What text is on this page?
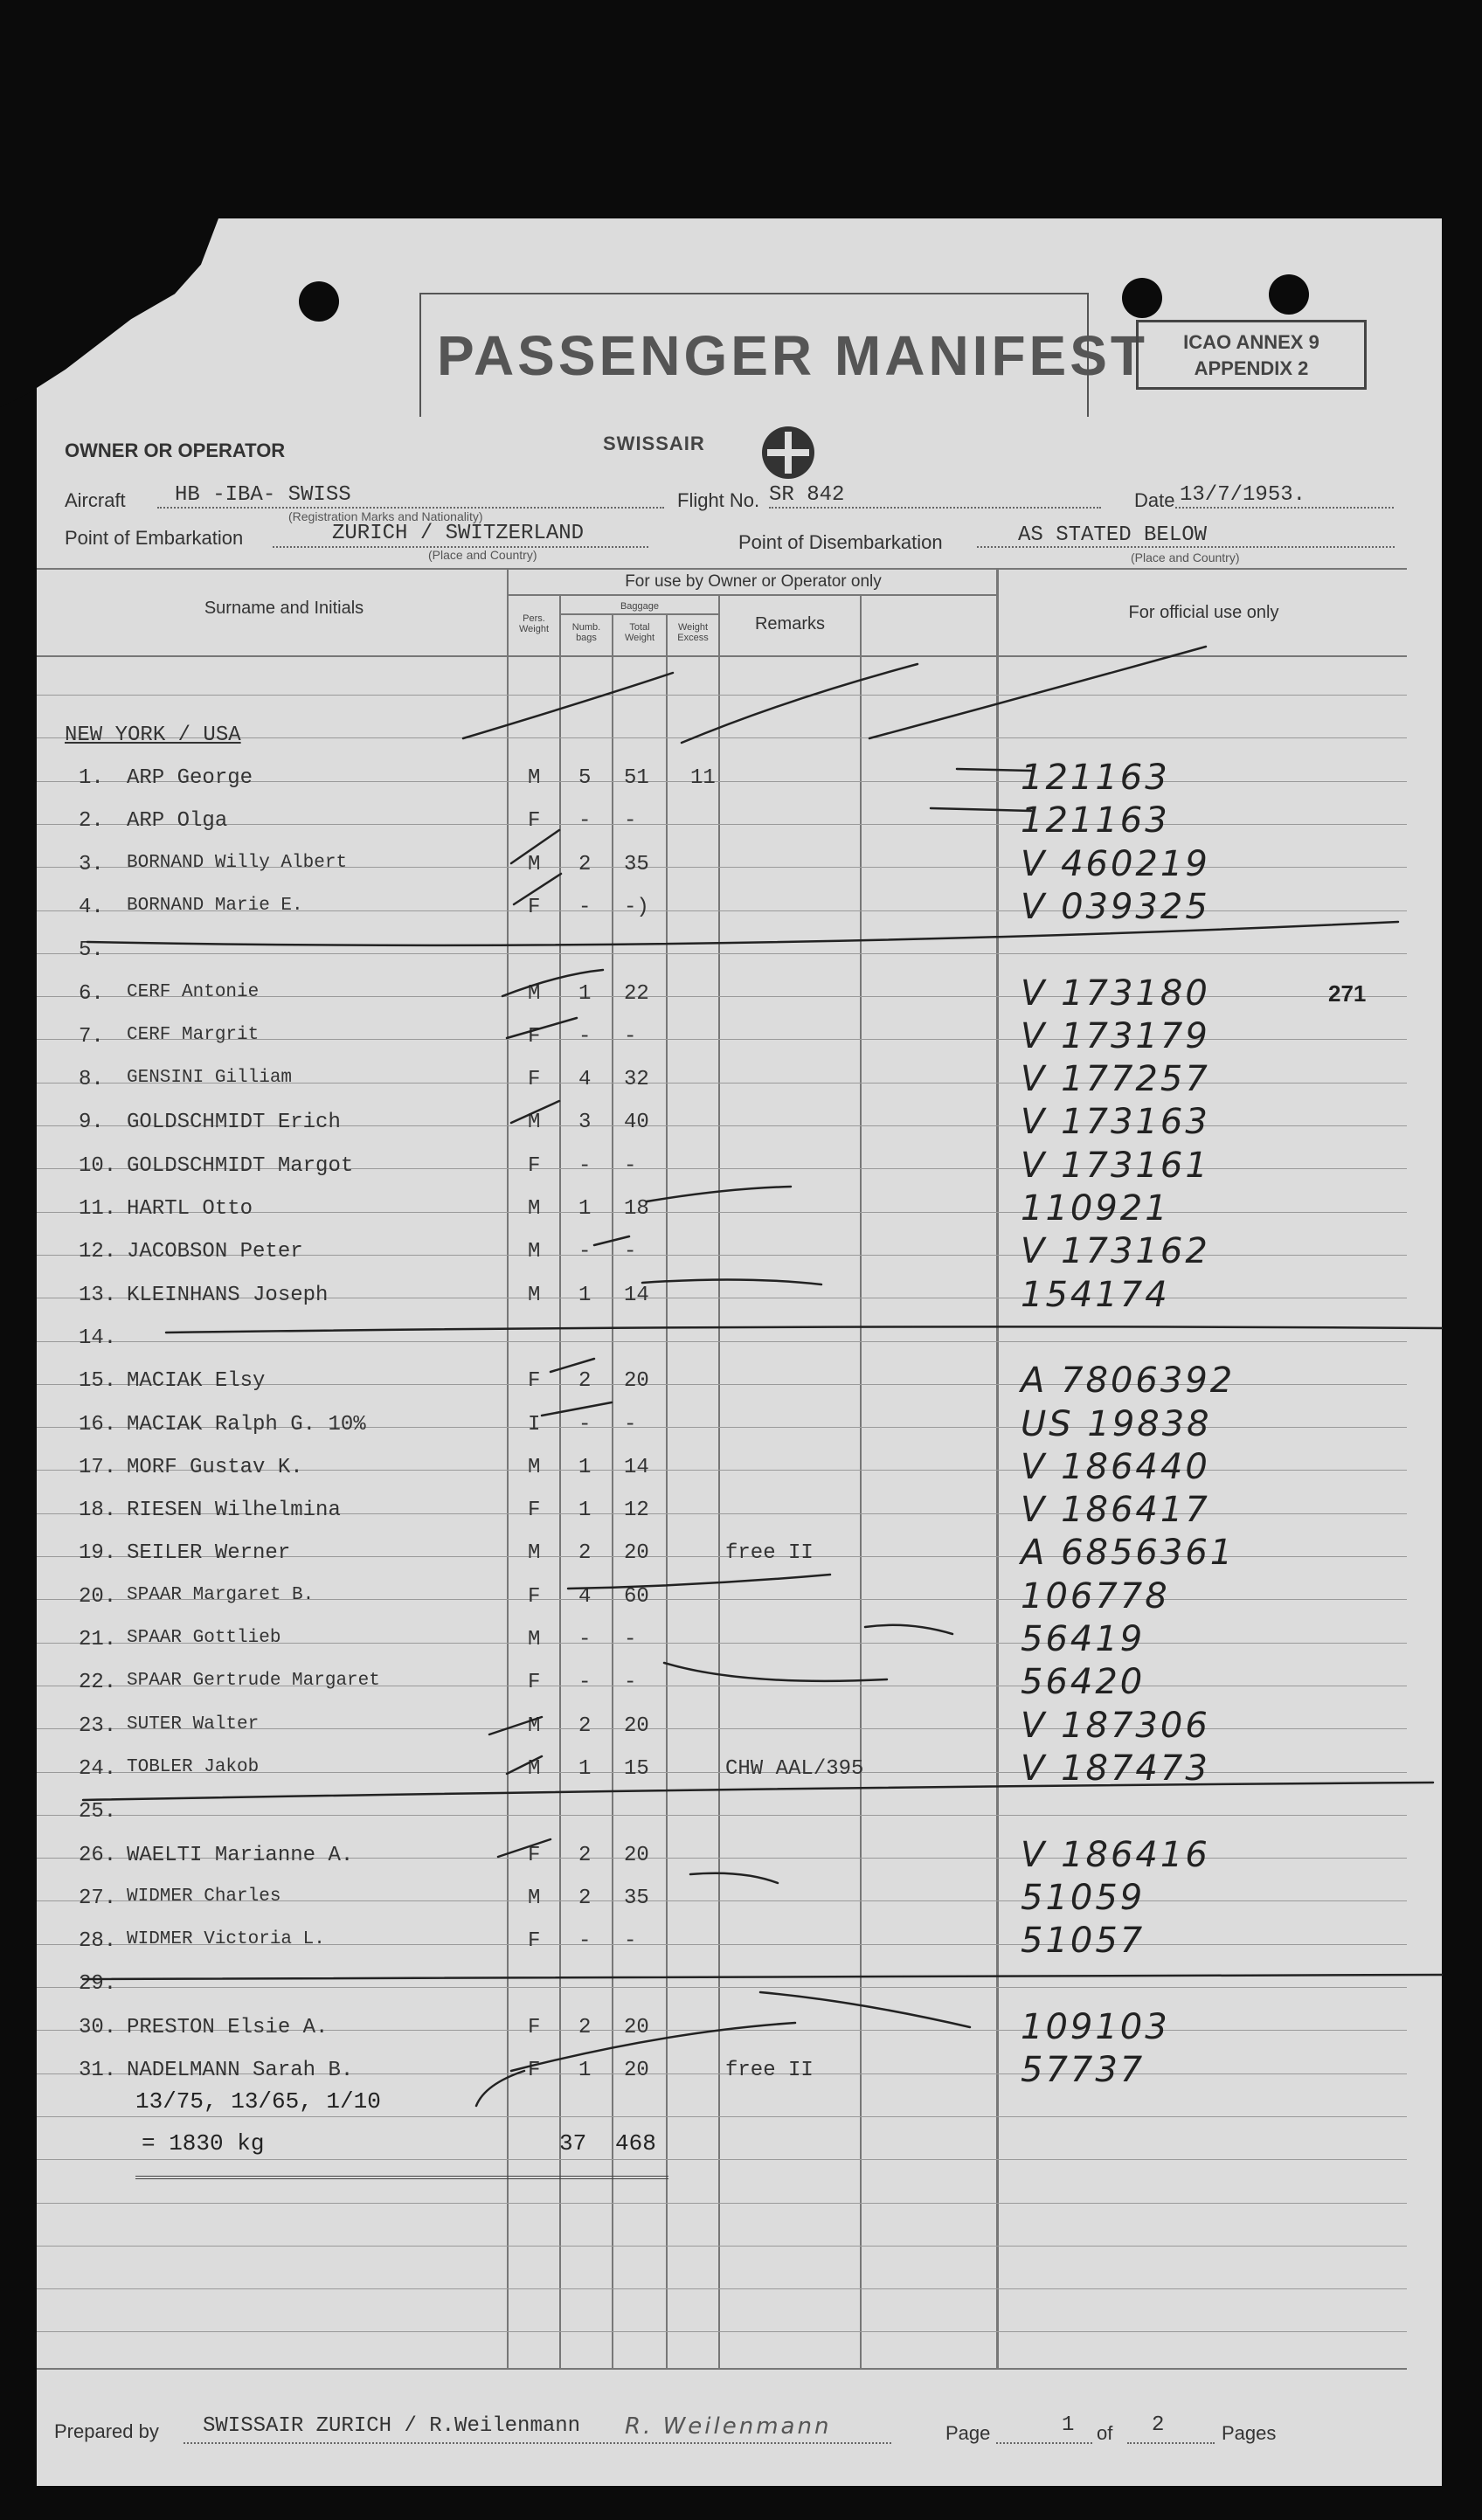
PASSENGER MANIFEST	ICAO ANNEX 9
APPENDIX 2
OWNER OR OPERATOR	SWISSAIR
Aircraft HB -IBA- SWISS
(Registration Marks and Nationality)
Flight No. SR 842	Date 13/7/1953.
Point of Embarkation	ZURICH / SWITZERLAND
(Place and Country)
Point of Disembarkation	AS STATED BELOW
(Place and Country)
Surname and Initials
For use by Owner or Operator only
Pers. Weight
Baggage
Numb. bags
Total Weight
Weight Excess
Remarks
For official use only
NEW YORK / USA
1. ARP George	M 5 51 11	121163
2. ARP Olga	F - -	121163
3. BORNAND Willy Albert	M 2 35	V 460219
4. BORNAND Marie E.	F - -)	V 039325
5.
6. CERF Antonie	M 1 22	V 173180
7. CERF Margrit	F - -	V 173179
8. GENSINI Gilliam	F 4 32	V 177257
9. GOLDSCHMIDT Erich	M 3 40	V 173163
10. GOLDSCHMIDT Margot	F - -	V 173161
11. HARTL Otto	M 1 18	110921
12. JACOBSON Peter	M - -	V 173162
13. KLEINHANS Joseph	M 1 14	154174
14.
15. MACIAK Elsy	F 2 20	A 7806392
16. MACIAK Ralph G. 10%	I - -	US 19838
17. MORF Gustav K.	M 1 14	V 186440
18. RIESEN Wilhelmina	F 1 12	V 186417
19. SEILER Werner	M 2 20	free II	A 6856361
20. SPAAR Margaret B.	F 4 60	106778
21. SPAAR Gottlieb	M - -	56419
22. SPAAR Gertrude Margaret	F - -	56420
23. SUTER Walter	M 2 20	V 187306
24. TOBLER Jakob	M 1 15	CHW AAL/395	V 187473
25.
26. WAELTI Marianne A.	F 2 20	V 186416
27. WIDMER Charles	M 2 35	51059
28. WIDMER Victoria L.	F - -	51057
29.
30. PRESTON Elsie A.	F 2 20	109103
31. NADELMANN Sarah B.	F 1 20	free II	57737
271
13/75, 13/65, 1/10
= 1830 kg	37 468
Prepared by SWISSAIR ZURICH / R.Weilenmann R. Weilenmann	Page	1 of 2	Pages
